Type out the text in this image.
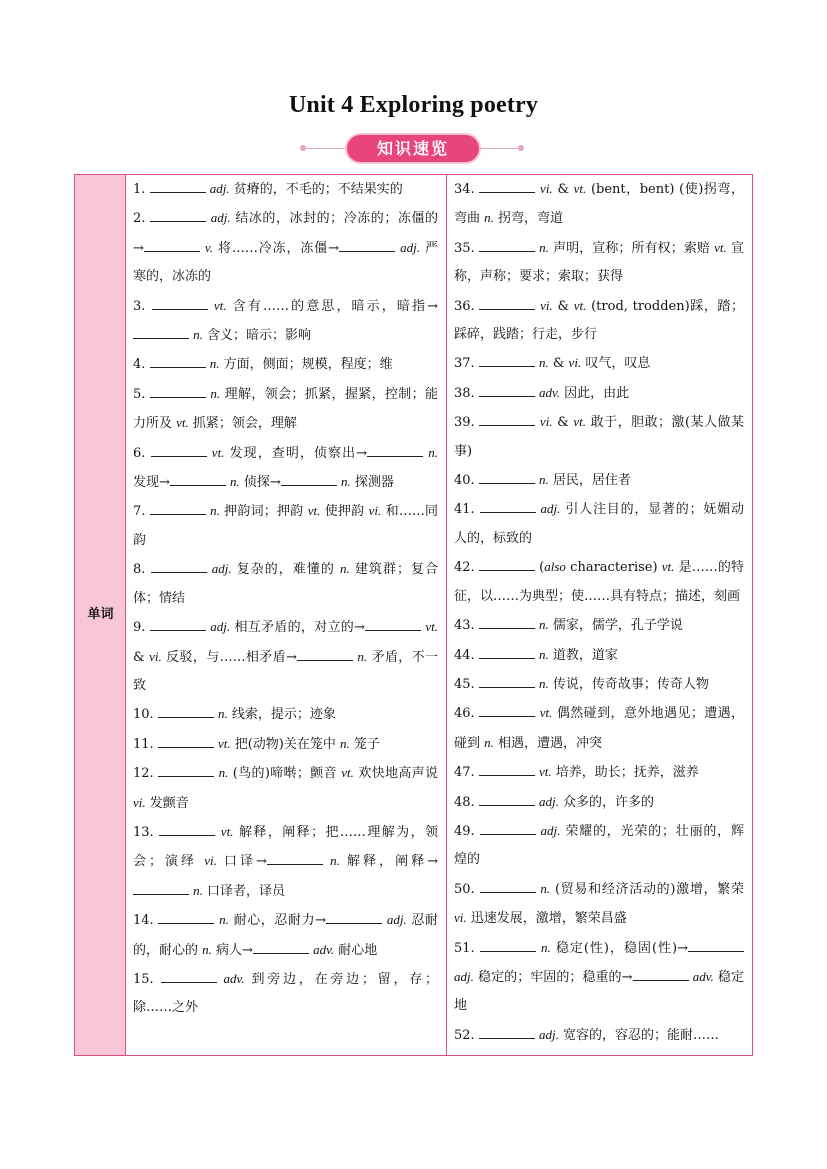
Unit 4 Exploring poetry
知识速览
单词
1.	adj. 贫瘠的，不毛的；不结果实的
2.	adj. 结冰的，冰封的；冷冻的；冻僵的→	v. 将……冷冻，冻僵→	adj. 严寒的，冰冻的
3.	vt. 含有……的意思，暗示，暗指→ n. 含义；暗示；影响
4.	n. 方面，侧面；规模，程度；维
5.	n. 理解，领会；抓紧，握紧，控制；能力所及 vt. 抓紧；领会，理解
6.	vt. 发现，查明，侦察出→	n. 发现→	n. 侦探→	n. 探测器
7.	n. 押韵词；押韵 vt. 使押韵 vi. 和……同韵
8.	adj. 复杂的，难懂的 n. 建筑群；复合体；情结
9.	adj. 相互矛盾的，对立的→	vt. & vi. 反驳，与……相矛盾→	n. 矛盾，不一致
10.	n. 线索，提示；迹象
11.	vt. 把(动物)关在笼中 n. 笼子
12.	n. (鸟的)啼啭；颤音 vt. 欢快地高声说 vi. 发颤音
13.	vt. 解释，阐释；把……理解为，领会；演绎 vi. 口译→	n. 解释，阐释→ n. 口译者，译员
14.	n. 耐心，忍耐力→	adj. 忍耐的，耐心的 n. 病人→	adv. 耐心地
15.	adv. 到旁边，在旁边；留，存；除……之外
34.	vi. & vt. (bent，bent) (使)拐弯，弯曲 n. 拐弯，弯道
35.	n. 声明，宣称；所有权；索赔 vt. 宣称，声称；要求；索取；获得
36.	vi. & vt. (trod, trodden)踩，踏；踩碎，践踏；行走，步行
37.	n. & vi. 叹气，叹息
38.	adv. 因此，由此
39.	vi. & vt. 敢于，胆敢；激(某人做某事)
40.	n. 居民，居住者
41.	adj. 引人注目的，显著的；妩媚动人的，标致的
42.	(also characterise) vt. 是……的特征，以……为典型；使……具有特点；描述，刻画
43.	n. 儒家，儒学，孔子学说
44.	n. 道教，道家
45.	n. 传说，传奇故事；传奇人物
46.	vt. 偶然碰到，意外地遇见；遭遇，碰到 n. 相遇，遭遇，冲突
47.	vt. 培养，助长；抚养，滋养
48.	adj. 众多的，许多的
49.	adj. 荣耀的，光荣的；壮丽的，辉煌的
50.	n. (贸易和经济活动的)激增，繁荣 vi. 迅速发展，激增，繁荣昌盛
51.	n. 稳定(性)，稳固(性)→ adj. 稳定的；牢固的；稳重的→	adv. 稳定地
52.	adj. 宽容的，容忍的；能耐……
